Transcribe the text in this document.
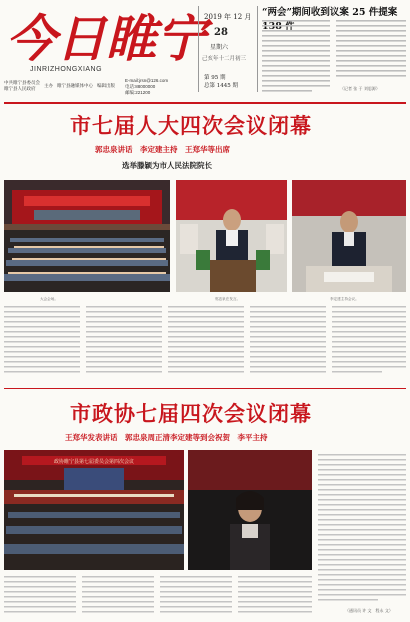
今日睢宁
JINRIZHONGXIANG
中共睢宁县委员会
睢宁县人民政府
主办 睢宁县融媒体中心 编辑出版
E-mail:jrsn@126.com
电话:88000000
邮编:221200
2019 年 12 月
28
星期六
己亥年十二月初三
第 95 期
总第 1445 期
“两会”期间收到议案 25 件提案
（记者 张 于 刘思源）
市七届人大四次会议闭幕
郭忠泉讲话　李定建主持　王郑华等出席
选举滕颖为市人民法院院长
大会会场。	郭忠泉在发言。	李定建主持会议。
市政协七届四次会议闭幕
王郑华发表讲话　郭忠泉周正清李定建等到会祝贺　李平主持
政协睢宁县第七届委员会第四次会议
（通讯员 许 文　程永 文）
